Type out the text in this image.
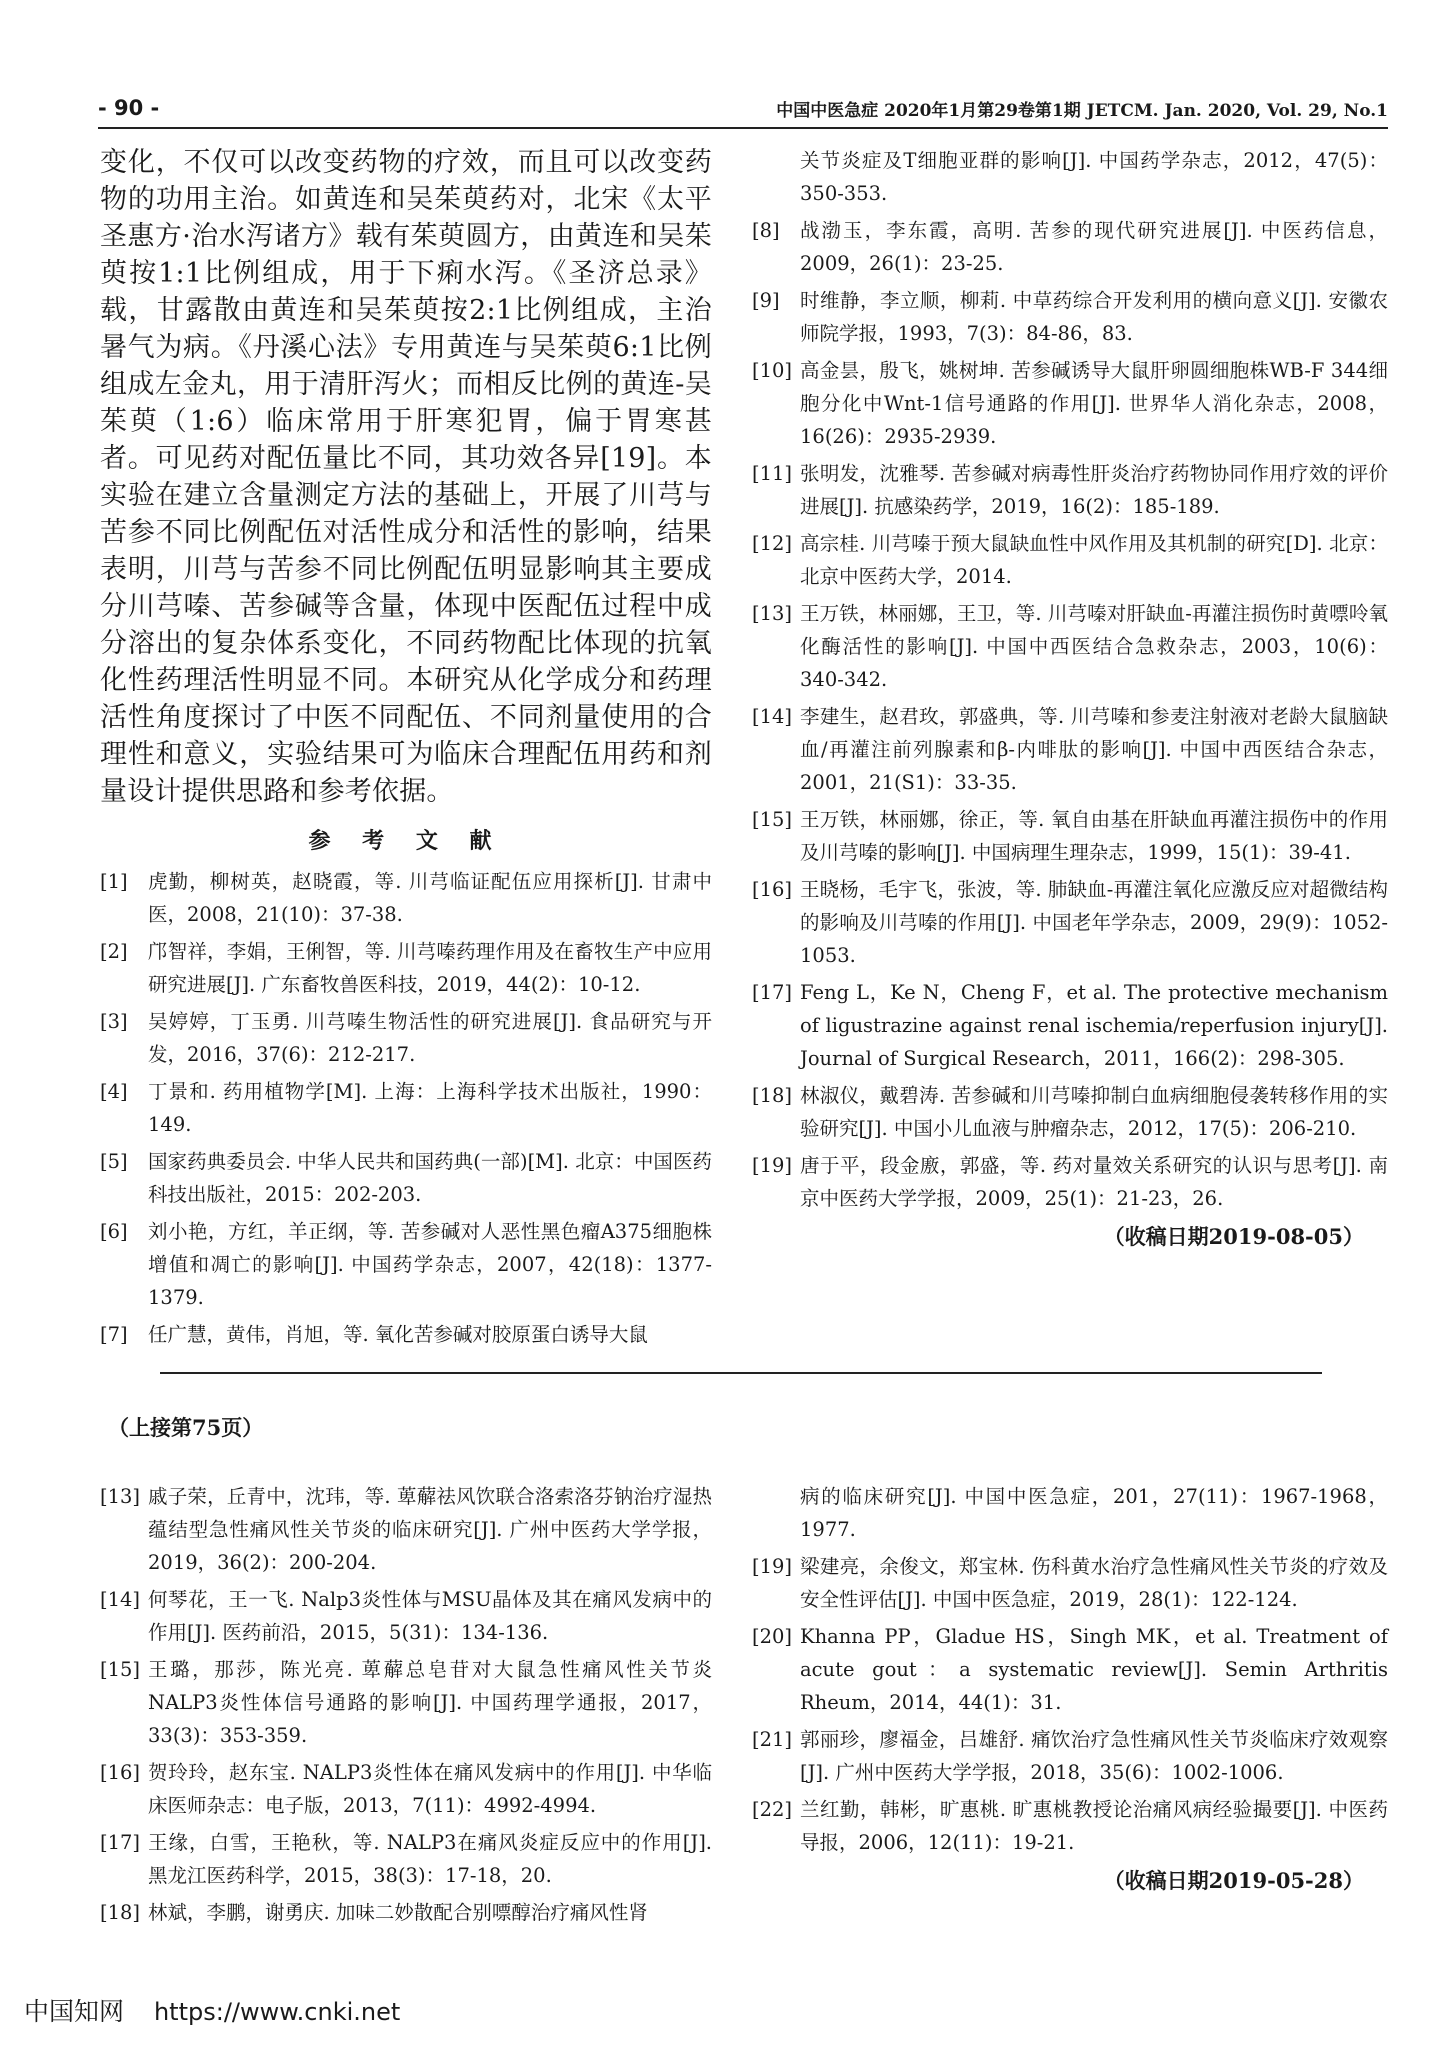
- 90 -	中国中医急症 2020年1月第29卷第1期 JETCM. Jan. 2020, Vol. 29, No.1

变化，不仅可以改变药物的疗效，而且可以改变药物的功用主治。如黄连和吴茱萸药对，北宋《太平圣惠方·治水泻诸方》载有茱萸圆方，由黄连和吴茱萸按1:1比例组成，用于下痢水泻。《圣济总录》载，甘露散由黄连和吴茱萸按2:1比例组成，主治暑气为病。《丹溪心法》专用黄连与吴茱萸6:1比例组成左金丸，用于清肝泻火；而相反比例的黄连-吴茱萸（1:6）临床常用于肝寒犯胃，偏于胃寒甚者。可见药对配伍量比不同，其功效各异[19]。本实验在建立含量测定方法的基础上，开展了川芎与苦参不同比例配伍对活性成分和活性的影响，结果表明，川芎与苦参不同比例配伍明显影响其主要成分川芎嗪、苦参碱等含量，体现中医配伍过程中成分溶出的复杂体系变化，不同药物配比体现的抗氧化性药理活性明显不同。本研究从化学成分和药理活性角度探讨了中医不同配伍、不同剂量使用的合理性和意义，实验结果可为临床合理配伍用药和剂量设计提供思路和参考依据。

参 考 文 献
[1]	虎勤，柳树英，赵晓霞，等. 川芎临证配伍应用探析[J]. 甘肃中医，2008，21(10)：37-38.
[2]	邝智祥，李娟，王俐智，等. 川芎嗪药理作用及在畜牧生产中应用研究进展[J]. 广东畜牧兽医科技，2019，44(2)：10-12.
[3]	吴婷婷，丁玉勇. 川芎嗪生物活性的研究进展[J]. 食品研究与开发，2016，37(6)：212-217.
[4]	丁景和. 药用植物学[M]. 上海：上海科学技术出版社，1990：149.
[5]	国家药典委员会. 中华人民共和国药典(一部)[M]. 北京：中国医药科技出版社，2015：202-203.
[6]	刘小艳，方红，羊正纲，等. 苦参碱对人恶性黑色瘤A375细胞株增值和凋亡的影响[J]. 中国药学杂志，2007，42(18)：1377-1379.
[7]	任广慧，黄伟，肖旭，等. 氧化苦参碱对胶原蛋白诱导大鼠
关节炎症及T细胞亚群的影响[J]. 中国药学杂志，2012，47(5)：350-353.
[8]	战渤玉，李东霞，高明. 苦参的现代研究进展[J]. 中医药信息，2009，26(1)：23-25.
[9]	时维静，李立顺，柳莉. 中草药综合开发利用的横向意义[J]. 安徽农师院学报，1993，7(3)：84-86，83.
[10] 高金昙，殷飞，姚树坤. 苦参碱诱导大鼠肝卵圆细胞株WB-F 344细胞分化中Wnt-1信号通路的作用[J]. 世界华人消化杂志，2008，16(26)：2935-2939.
[11] 张明发，沈雅琴. 苦参碱对病毒性肝炎治疗药物协同作用疗效的评价进展[J]. 抗感染药学，2019，16(2)：185-189.
[12] 高宗桂. 川芎嗪于预大鼠缺血性中风作用及其机制的研究[D]. 北京：北京中医药大学，2014.
[13] 王万铁，林丽娜，王卫，等. 川芎嗪对肝缺血-再灌注损伤时黄嘌呤氧化酶活性的影响[J]. 中国中西医结合急救杂志，2003，10(6)：340-342.
[14] 李建生，赵君玫，郭盛典，等. 川芎嗪和参麦注射液对老龄大鼠脑缺血/再灌注前列腺素和β-内啡肽的影响[J]. 中国中西医结合杂志，2001，21(S1)：33-35.
[15] 王万铁，林丽娜，徐正，等. 氧自由基在肝缺血再灌注损伤中的作用及川芎嗪的影响[J]. 中国病理生理杂志，1999，15(1)：39-41.
[16] 王晓杨，毛宇飞，张波，等. 肺缺血-再灌注氧化应激反应对超微结构的影响及川芎嗪的作用[J]. 中国老年学杂志，2009，29(9)：1052-1053.
[17] Feng L，Ke N，Cheng F，et al. The protective mechanism of ligustrazine against renal ischemia/reperfusion injury[J]. Journal of Surgical Research，2011，166(2)：298-305.
[18] 林淑仪，戴碧涛. 苦参碱和川芎嗪抑制白血病细胞侵袭转移作用的实验研究[J]. 中国小儿血液与肿瘤杂志，2012，17(5)：206-210.
[19] 唐于平，段金廒，郭盛，等. 药对量效关系研究的认识与思考[J]. 南京中医药大学学报，2009，25(1)：21-23，26.
（收稿日期2019-08-05）
（上接第75页）
[13] 戚子荣，丘青中，沈玮，等. 萆薢祛风饮联合洛索洛芬钠治疗湿热蕴结型急性痛风性关节炎的临床研究[J]. 广州中医药大学学报，2019，36(2)：200-204.
[14] 何琴花，王一飞. Nalp3炎性体与MSU晶体及其在痛风发病中的作用[J]. 医药前沿，2015，5(31)：134-136.
[15] 王璐，那莎，陈光亮. 萆薢总皂苷对大鼠急性痛风性关节炎NALP3炎性体信号通路的影响[J]. 中国药理学通报，2017，33(3)：353-359.
[16] 贺玲玲，赵东宝. NALP3炎性体在痛风发病中的作用[J]. 中华临床医师杂志：电子版，2013，7(11)：4992-4994.
[17] 王缘，白雪，王艳秋，等. NALP3在痛风炎症反应中的作用[J]. 黑龙江医药科学，2015，38(3)：17-18，20.
[18] 林斌，李鹏，谢勇庆. 加味二妙散配合别嘌醇治疗痛风性肾
病的临床研究[J]. 中国中医急症，201，27(11)：1967-1968，1977.
[19] 梁建亮，余俊文，郑宝林. 伤科黄水治疗急性痛风性关节炎的疗效及安全性评估[J]. 中国中医急症，2019，28(1)：122-124.
[20] Khanna PP，Gladue HS，Singh MK，et al. Treatment of acute gout：a systematic review[J]. Semin Arthritis Rheum，2014，44(1)：31.
[21] 郭丽珍，廖福金，吕雄舒. 痛饮治疗急性痛风性关节炎临床疗效观察[J]. 广州中医药大学学报，2018，35(6)：1002-1006.
[22] 兰红勤，韩彬，旷惠桃. 旷惠桃教授论治痛风病经验撮要[J]. 中医药导报，2006，12(11)：19-21.
（收稿日期2019-05-28）
中国知网 https://www.cnki.net
